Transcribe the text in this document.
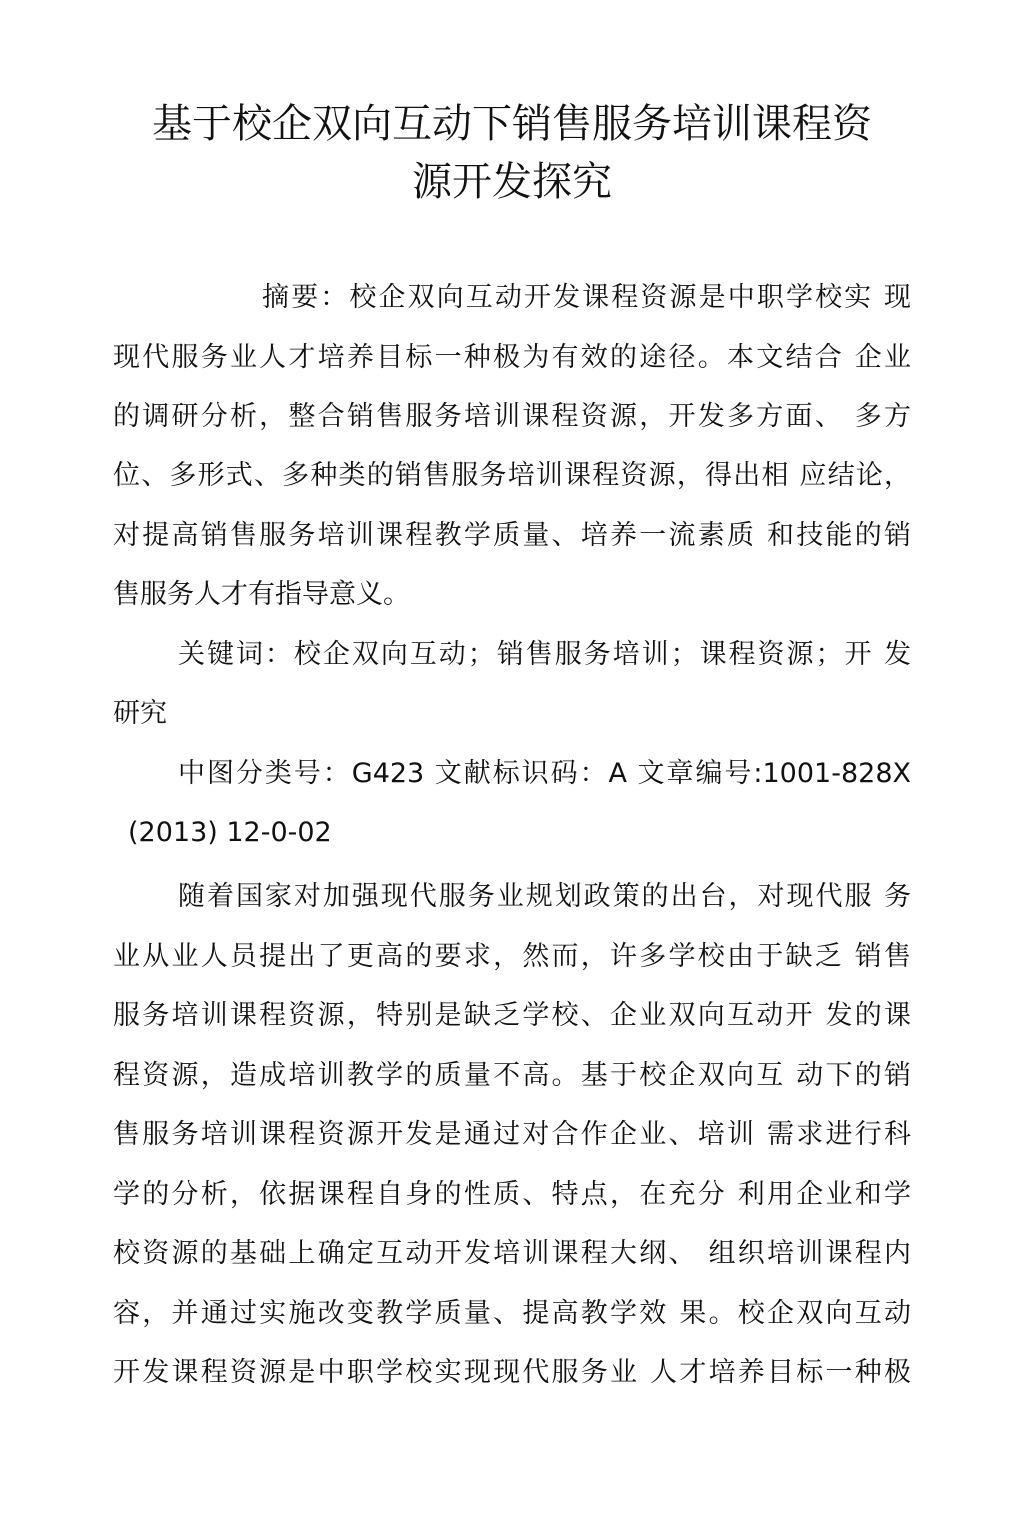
基于校企双向互动下销售服务培训课程资
源开发探究

摘要：校企双向互动开发课程资源是中职学校实 现

现代服务业人才培养目标一种极为有效的途径。本文结合 企业

的调研分析，整合销售服务培训课程资源，开发多方面、 多方

位、多形式、多种类的销售服务培训课程资源，得出相 应结论，

对提高销售服务培训课程教学质量、培养一流素质 和技能的销

售服务人才有指导意义。

关键词：校企双向互动；销售服务培训；课程资源；开 发

研究

中图分类号：G423 文献标识码：A 文章编号:1001-828X

(2013) 12-0-02

随着国家对加强现代服务业规划政策的出台，对现代服 务

业从业人员提出了更高的要求，然而，许多学校由于缺乏 销售

服务培训课程资源，特别是缺乏学校、企业双向互动开 发的课

程资源，造成培训教学的质量不高。基于校企双向互 动下的销

售服务培训课程资源开发是通过对合作企业、培训 需求进行科

学的分析，依据课程自身的性质、特点，在充分 利用企业和学

校资源的基础上确定互动开发培训课程大纲、 组织培训课程内

容，并通过实施改变教学质量、提高教学效 果。校企双向互动

开发课程资源是中职学校实现现代服务业 人才培养目标一种极
